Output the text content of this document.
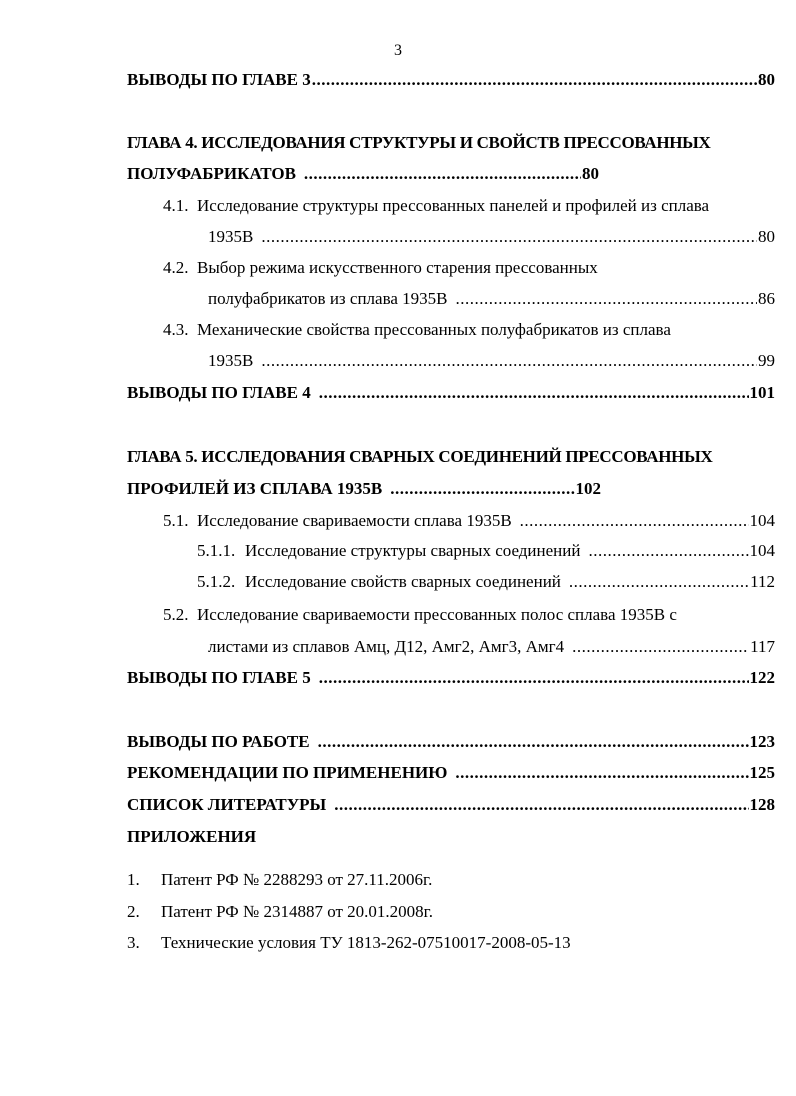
3
ВЫВОДЫ ПО ГЛАВЕ 3 .....	80
ГЛАВА 4. ИССЛЕДОВАНИЯ СТРУКТУРЫ И СВОЙСТВ ПРЕССОВАННЫХ
ПОЛУФАБРИКАТОВ .....	80
4.1. Исследование структуры прессованных панелей и профилей из сплава
1935В .....	80
4.2. Выбор режима искусственного старения прессованных
полуфабрикатов из сплава 1935В .....	86
4.3. Механические свойства прессованных полуфабрикатов из сплава
1935В .....	99
ВЫВОДЫ ПО ГЛАВЕ 4 .....	101
ГЛАВА 5. ИССЛЕДОВАНИЯ СВАРНЫХ СОЕДИНЕНИЙ ПРЕССОВАННЫХ
ПРОФИЛЕЙ ИЗ СПЛАВА 1935В .....	102
5.1. Исследование свариваемости сплава 1935В .....	104
5.1.1. Исследование структуры сварных соединений .....	104
5.1.2. Исследование свойств сварных соединений .....	112
5.2. Исследование свариваемости прессованных полос сплава 1935В с
листами из сплавов Амц, Д12, Амг2, Амг3, Амг4 .....	117
ВЫВОДЫ ПО ГЛАВЕ 5 .....	122
ВЫВОДЫ ПО РАБОТЕ .....	123
РЕКОМЕНДАЦИИ ПО ПРИМЕНЕНИЮ .....	125
СПИСОК ЛИТЕРАТУРЫ .....	128
ПРИЛОЖЕНИЯ
1. Патент РФ № 2288293 от 27.11.2006г.
2. Патент РФ № 2314887 от 20.01.2008г.
3. Технические условия ТУ 1813-262-07510017-2008-05-13
